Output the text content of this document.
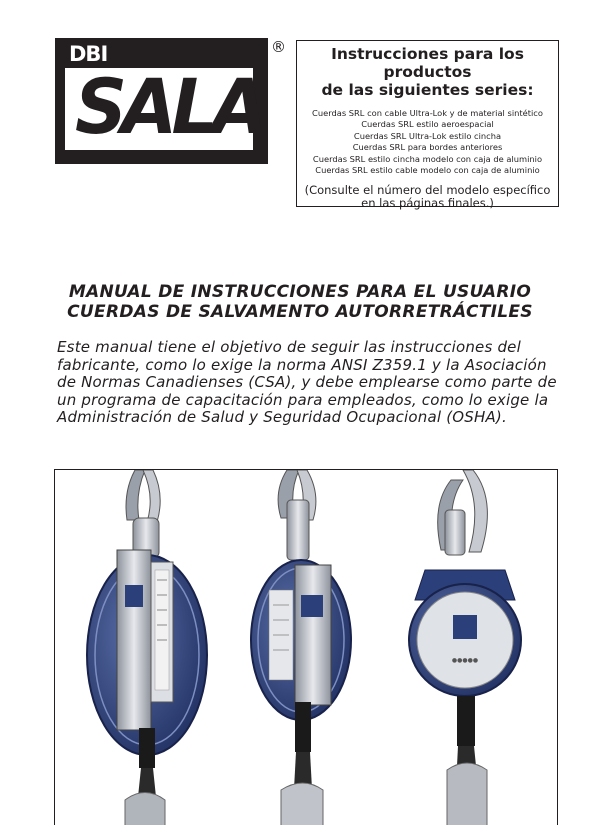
DBI
SALA
®	Instrucciones para los productos
de las siguientes series:
Cuerdas SRL con cable Ultra-Lok y de material sintético
Cuerdas SRL estilo aeroespacial
Cuerdas SRL Ultra-Lok estilo cincha
Cuerdas SRL para bordes anteriores
Cuerdas SRL estilo cincha modelo con caja de aluminio
Cuerdas SRL estilo cable modelo con caja de aluminio
(Consulte el número del modelo específico
en las páginas finales.)
MANUAL DE INSTRUCCIONES PARA EL USUARIO
CUERDAS DE SALVAMENTO AUTORRETRÁCTILES
Este manual tiene el objetivo de seguir las instrucciones del
fabricante, como lo exige la norma ANSI Z359.1 y la Asociación
de Normas Canadienses (CSA), y debe emplearse como parte de
un programa de capacitación para empleados, como lo exige la
Administración de Salud y Seguridad Ocupacional (OSHA).
●●●●●
